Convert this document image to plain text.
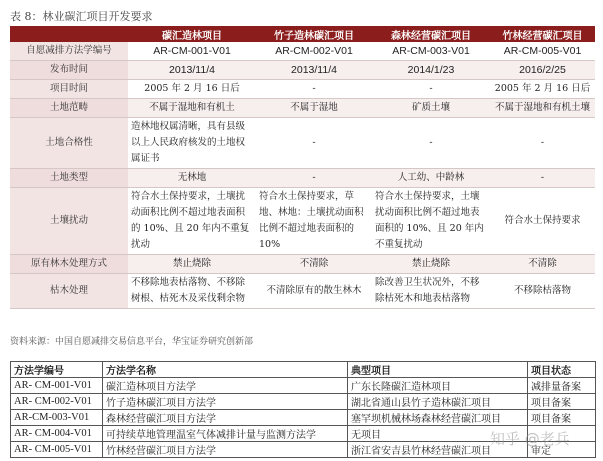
表 8：林业碳汇项目开发要求
	碳汇造林项目	竹子造林碳汇项目	森林经营碳汇项目	竹林经营碳汇项目
自愿减排方法学编号	AR-CM-001-V01	AR-CM-002-V01	AR-CM-003-V01	AR-CM-005-V01
发布时间	2013/11/4	2013/11/4	2014/1/23	2016/2/25
项目时间	2005 年 2 月 16 日后	-	-	2005 年 2 月 16 日后
土地范畴	不属于湿地和有机土	不属于湿地	矿质土壤	不属于湿地和有机土壤
土地合格性	造林地权属清晰，具有县级以上人民政府核发的土地权属证书	-	-	-
土地类型	无林地	-	人工幼、中龄林	-
土壤扰动	符合水土保持要求，土壤扰动面积比例不超过地表面积的 10%、且 20 年内不重复扰动	符合水土保持要求，草地、林地：土壤扰动面积比例不超过地表面积的 10%	符合水土保持要求，土壤扰动面积比例不超过地表面积的 10%、且 20 年内不重复扰动	符合水土保持要求
原有林木处理方式	禁止烧除	不清除	禁止烧除	不清除
枯木处理	不移除地表枯落物、不移除树根、枯死木及采伐剩余物	不清除原有的散生林木	除改善卫生状况外，不移除枯死木和地表枯落物	不移除枯落物
资料来源：中国自愿减排交易信息平台，华宝证券研究创新部
方法学编号	方法学名称	典型项目	项目状态
AR- CM-001-V01	碳汇造林项目方法学	广东长隆碳汇造林项目	减排量备案
AR- CM-002-V01	竹子造林碳汇项目方法学	湖北省通山县竹子造林碳汇项目	项目备案
AR-CM-003-V01	森林经营碳汇项目方法学	塞罕坝机械林场森林经营碳汇项目	项目备案
AR- CM-004-V01	可持续草地管理温室气体减排计量与监测方法学	无项目	
AR- CM-005-V01	竹林经营碳汇项目方法学	浙江省安吉县竹林经营碳汇项目	审定
知乎 @老兵
